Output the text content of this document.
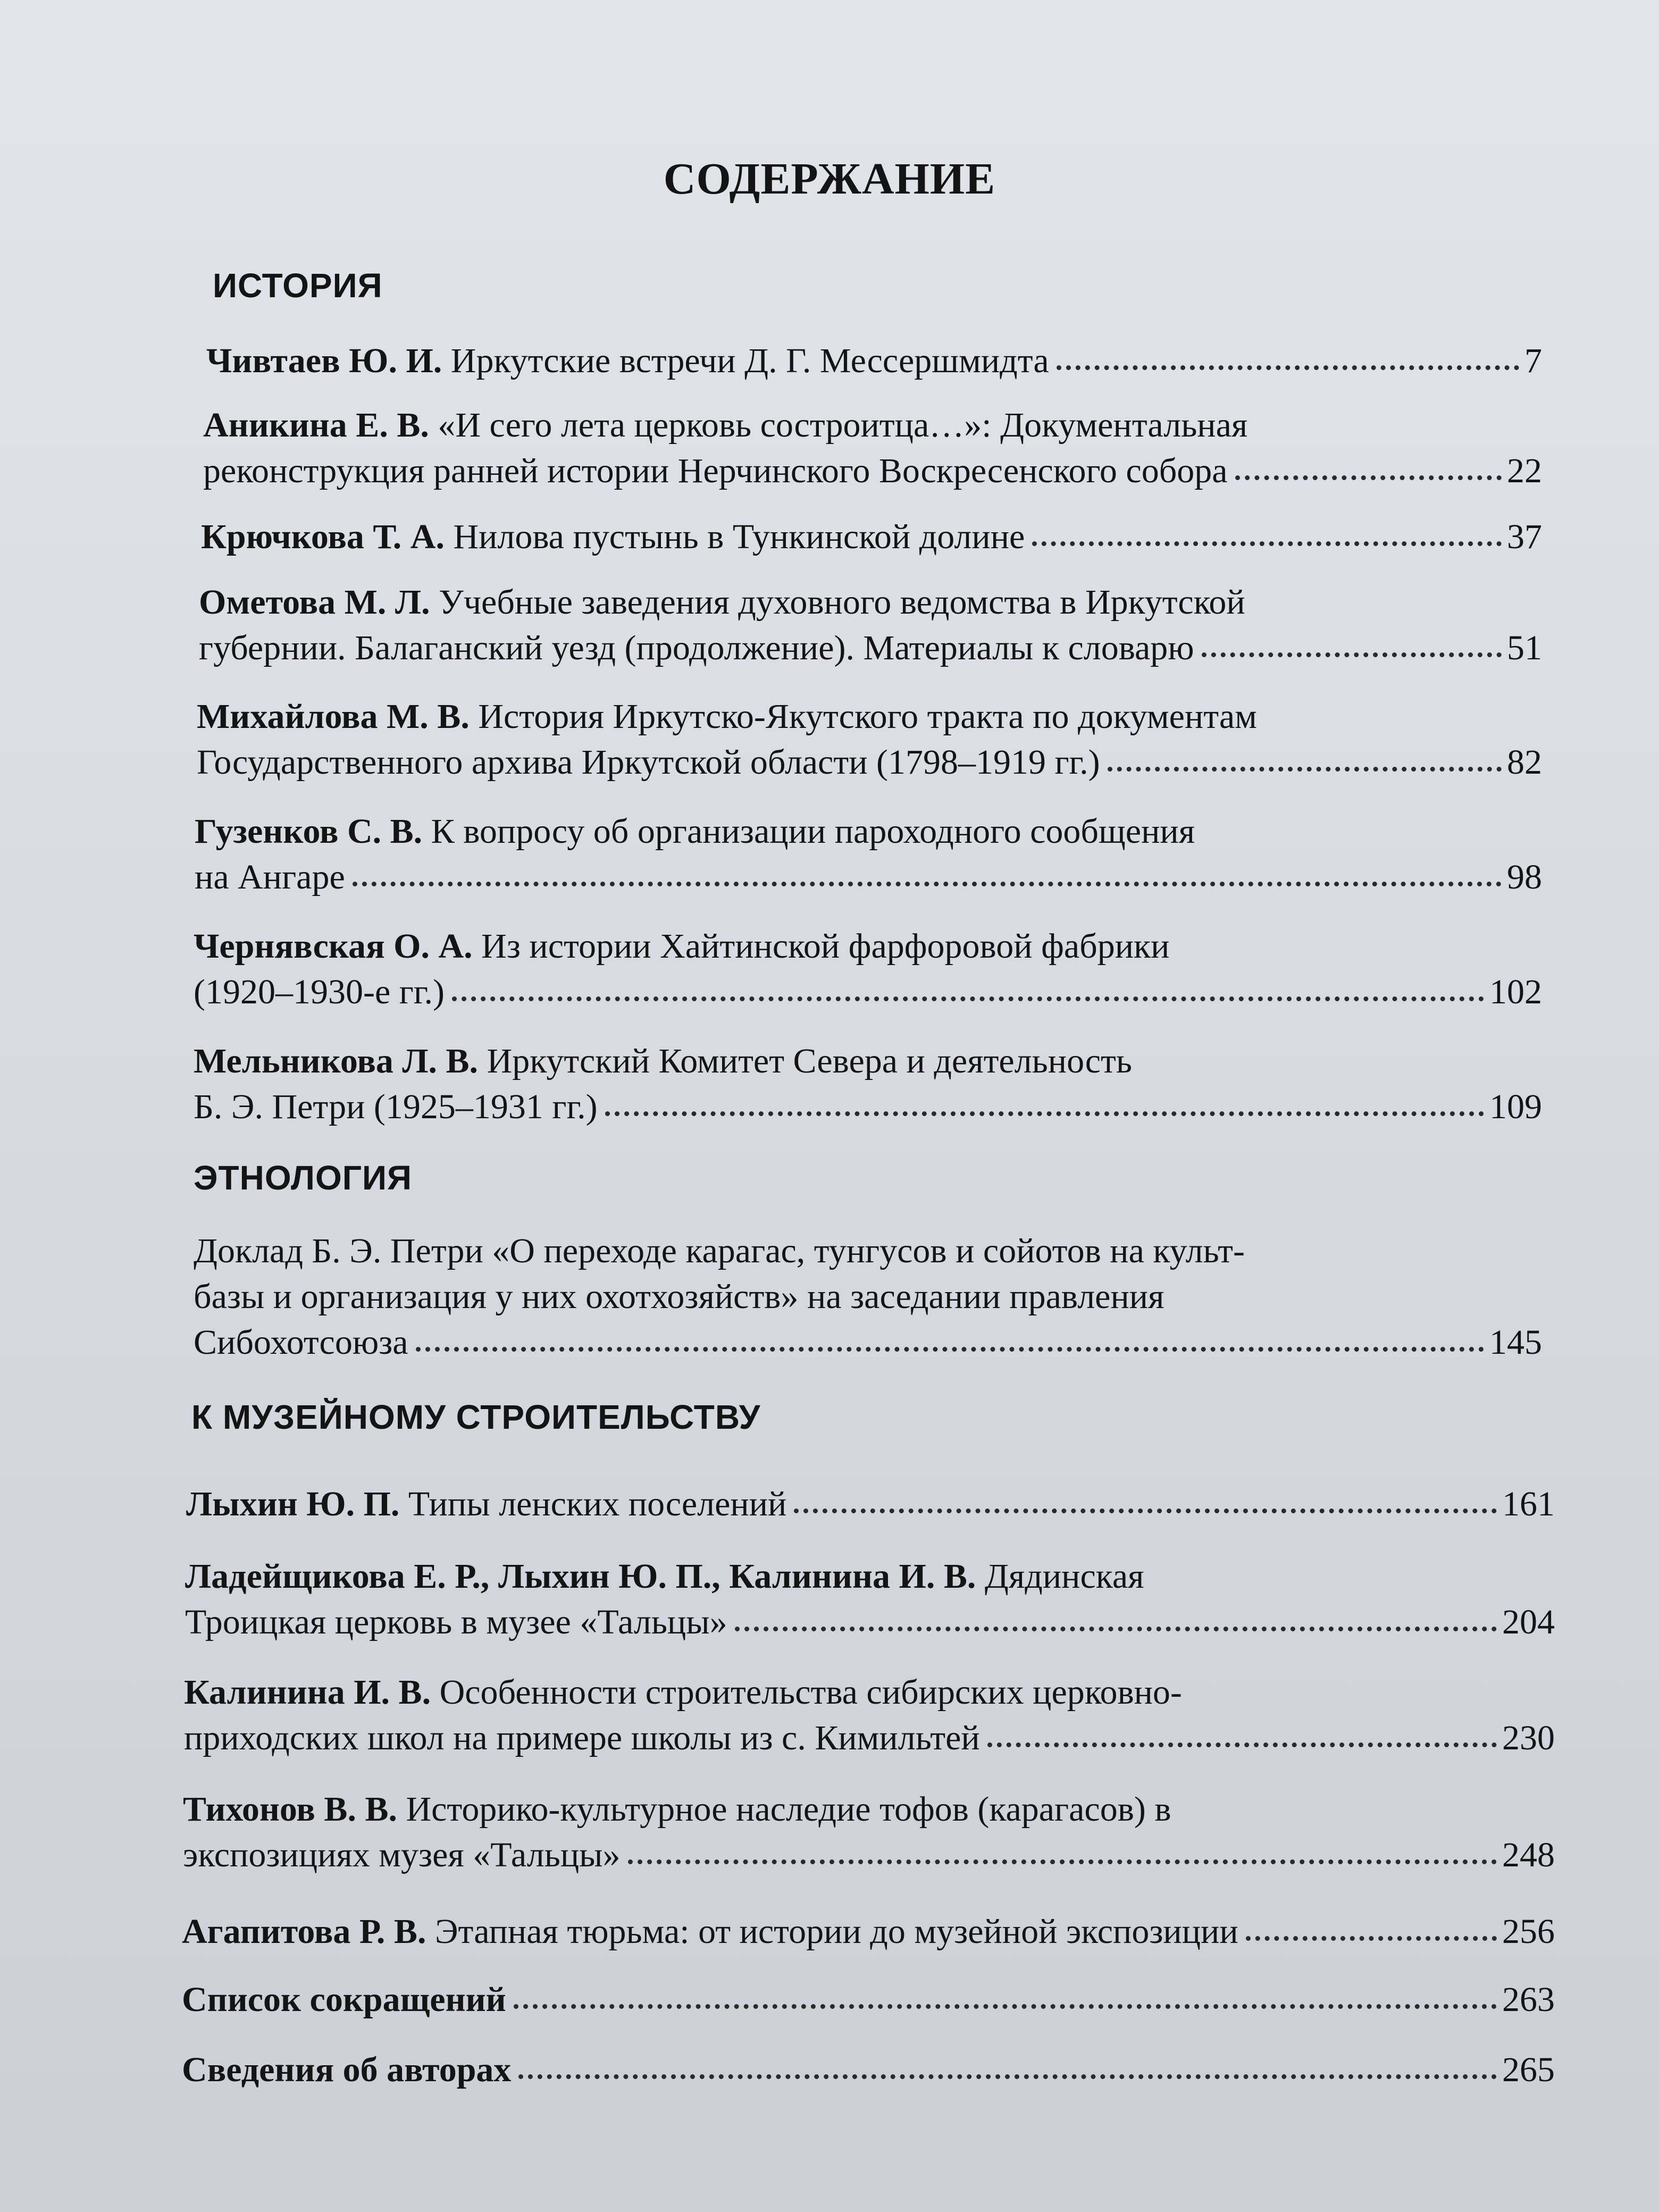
СОДЕРЖАНИЕ
ИСТОРИЯ
Чивтаев Ю. И. Иркутские встречи Д. Г. Мессершмидта	7
Аникина Е. В. «И сего лета церковь состроитца…»: Документальная
реконструкция ранней истории Нерчинского Воскресенского собора	22
Крючкова Т. А. Нилова пустынь в Тункинской долине	37
Ометова М. Л. Учебные заведения духовного ведомства в Иркутской
губернии. Балаганский уезд (продолжение). Материалы к словарю	51
Михайлова М. В. История Иркутско-Якутского тракта по документам
Государственного архива Иркутской области (1798–1919 гг.)	82
Гузенков С. В. К вопросу об организации пароходного сообщения
на Ангаре	98
Чернявская О. А. Из истории Хайтинской фарфоровой фабрики
(1920–1930-е гг.)	102
Мельникова Л. В. Иркутский Комитет Севера и деятельность
Б. Э. Петри (1925–1931 гг.)	109
ЭТНОЛОГИЯ
Доклад Б. Э. Петри «О переходе карагас, тунгусов и сойотов на культ-
базы и организация у них охотхозяйств» на заседании правления
Сибохотсоюза	145
К МУЗЕЙНОМУ СТРОИТЕЛЬСТВУ
Лыхин Ю. П. Типы ленских поселений	161
Ладейщикова Е. Р., Лыхин Ю. П., Калинина И. В. Дядинская
Троицкая церковь в музее «Тальцы»	204
Калинина И. В. Особенности строительства сибирских церковно-
приходских школ на примере школы из с. Кимильтей	230
Тихонов В. В. Историко-культурное наследие тофов (карагасов) в
экспозициях музея «Тальцы»	248
Агапитова Р. В. Этапная тюрьма: от истории до музейной экспозиции	256
Список сокращений	263
Сведения об авторах	265
